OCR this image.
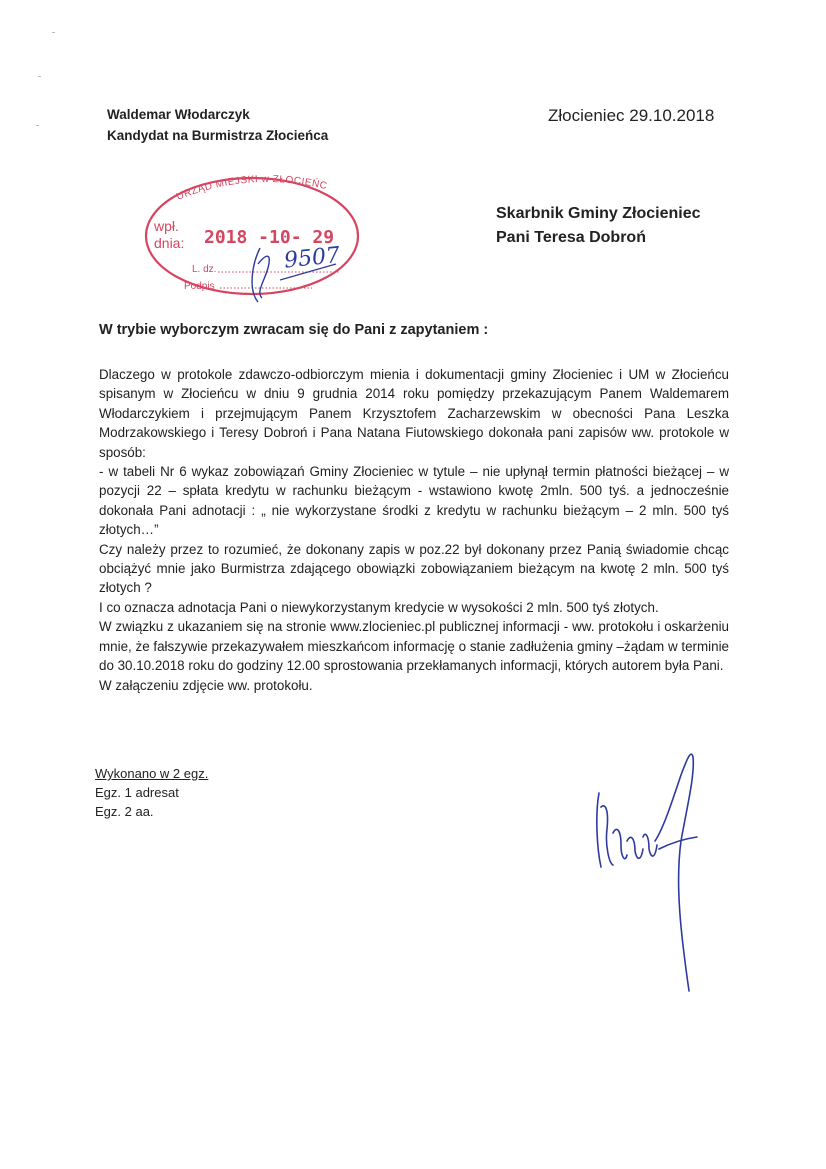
Waldemar Włodarczyk
Kandydat na Burmistrza Złocieńca
Złocieniec 29.10.2018
Skarbnik Gminy Złocieniec
Pani Teresa Dobroń
URZĄD MIEJSKI w ZŁOCIEŃCU
wpł.
dnia: 2018 -10- 29
L. dz.
Podpis
9507
W trybie wyborczym zwracam się do Pani z zapytaniem :

Dlaczego w protokole zdawczo-odbiorczym mienia i dokumentacji gminy Złocieniec i UM w Złocieńcu spisanym w Złocieńcu w dniu 9 grudnia 2014 roku pomiędzy przekazującym Panem Waldemarem Włodarczykiem i przejmującym Panem Krzysztofem Zacharzewskim w obecności Pana Leszka Modrzakowskiego i Teresy Dobroń i Pana Natana Fiutowskiego dokonała pani zapisów ww. protokole w sposób:

- w tabeli Nr 6 wykaz zobowiązań Gminy Złocieniec w tytule – nie upłynął termin płatności bieżącej – w pozycji 22 – spłata kredytu w rachunku bieżącym - wstawiono kwotę 2mln. 500 tyś. a jednocześnie dokonała Pani adnotacji : „ nie wykorzystane środki z kredytu w rachunku bieżącym – 2 mln. 500 tyś złotych…”

Czy należy przez to rozumieć, że dokonany zapis w poz.22 był dokonany przez Panią świadomie chcąc obciążyć mnie jako Burmistrza zdającego obowiązki zobowiązaniem bieżącym na kwotę 2 mln. 500 tyś złotych ?

I co oznacza adnotacja Pani o niewykorzystanym kredycie w wysokości 2 mln. 500 tyś złotych.

W związku z ukazaniem się na stronie www.zlocieniec.pl publicznej informacji - ww. protokołu i oskarżeniu mnie, że fałszywie przekazywałem mieszkańcom informację o stanie zadłużenia gminy –żądam w terminie do 30.10.2018 roku do godziny 12.00 sprostowania przekłamanych informacji, których autorem była Pani.

W załączeniu zdjęcie ww. protokołu.

Wykonano w 2 egz.
Egz. 1 adresat
Egz. 2 aa.
